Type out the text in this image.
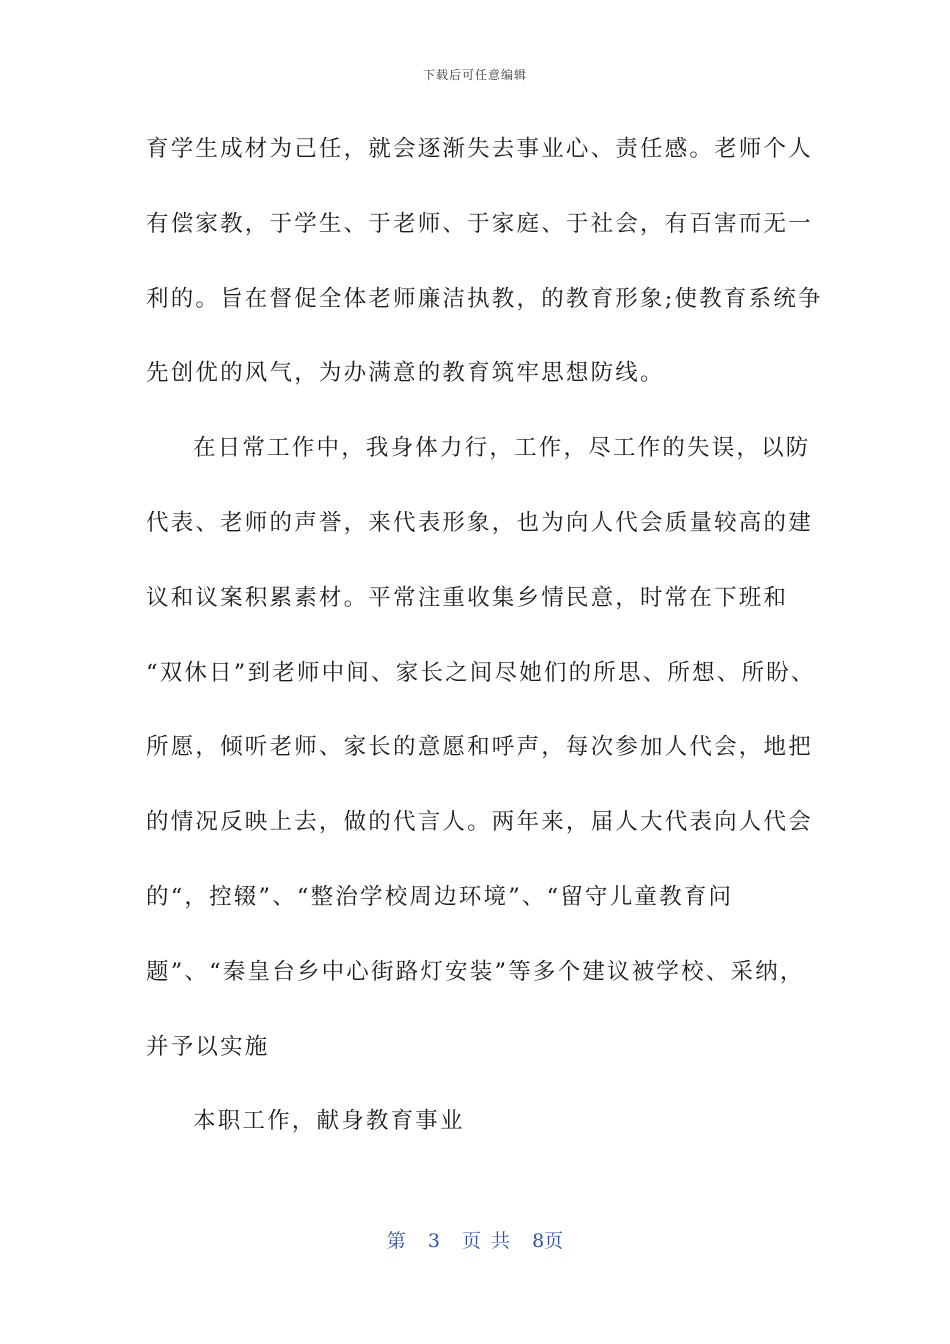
下载后可任意编辑
育学生成材为己任，就会逐渐失去事业心、责任感。老师个人
有偿家教，于学生、于老师、于家庭、于社会，有百害而无一
利的。旨在督促全体老师廉洁执教，的教育形象;使教育系统争
先创优的风气，为办满意的教育筑牢思想防线。
在日常工作中，我身体力行，工作，尽工作的失误，以防
代表、老师的声誉，来代表形象，也为向人代会质量较高的建
议和议案积累素材。平常注重收集乡情民意，时常在下班和
“双休日”到老师中间、家长之间尽她们的所思、所想、所盼、
所愿，倾听老师、家长的意愿和呼声，每次参加人代会，地把
的情况反映上去，做的代言人。两年来，届人大代表向人代会
的“，控辍”、“整治学校周边环境”、“留守儿童教育问
题”、“秦皇台乡中心街路灯安装”等多个建议被学校、采纳，
并予以实施
本职工作，献身教育事业
第 3 页 共 8页
